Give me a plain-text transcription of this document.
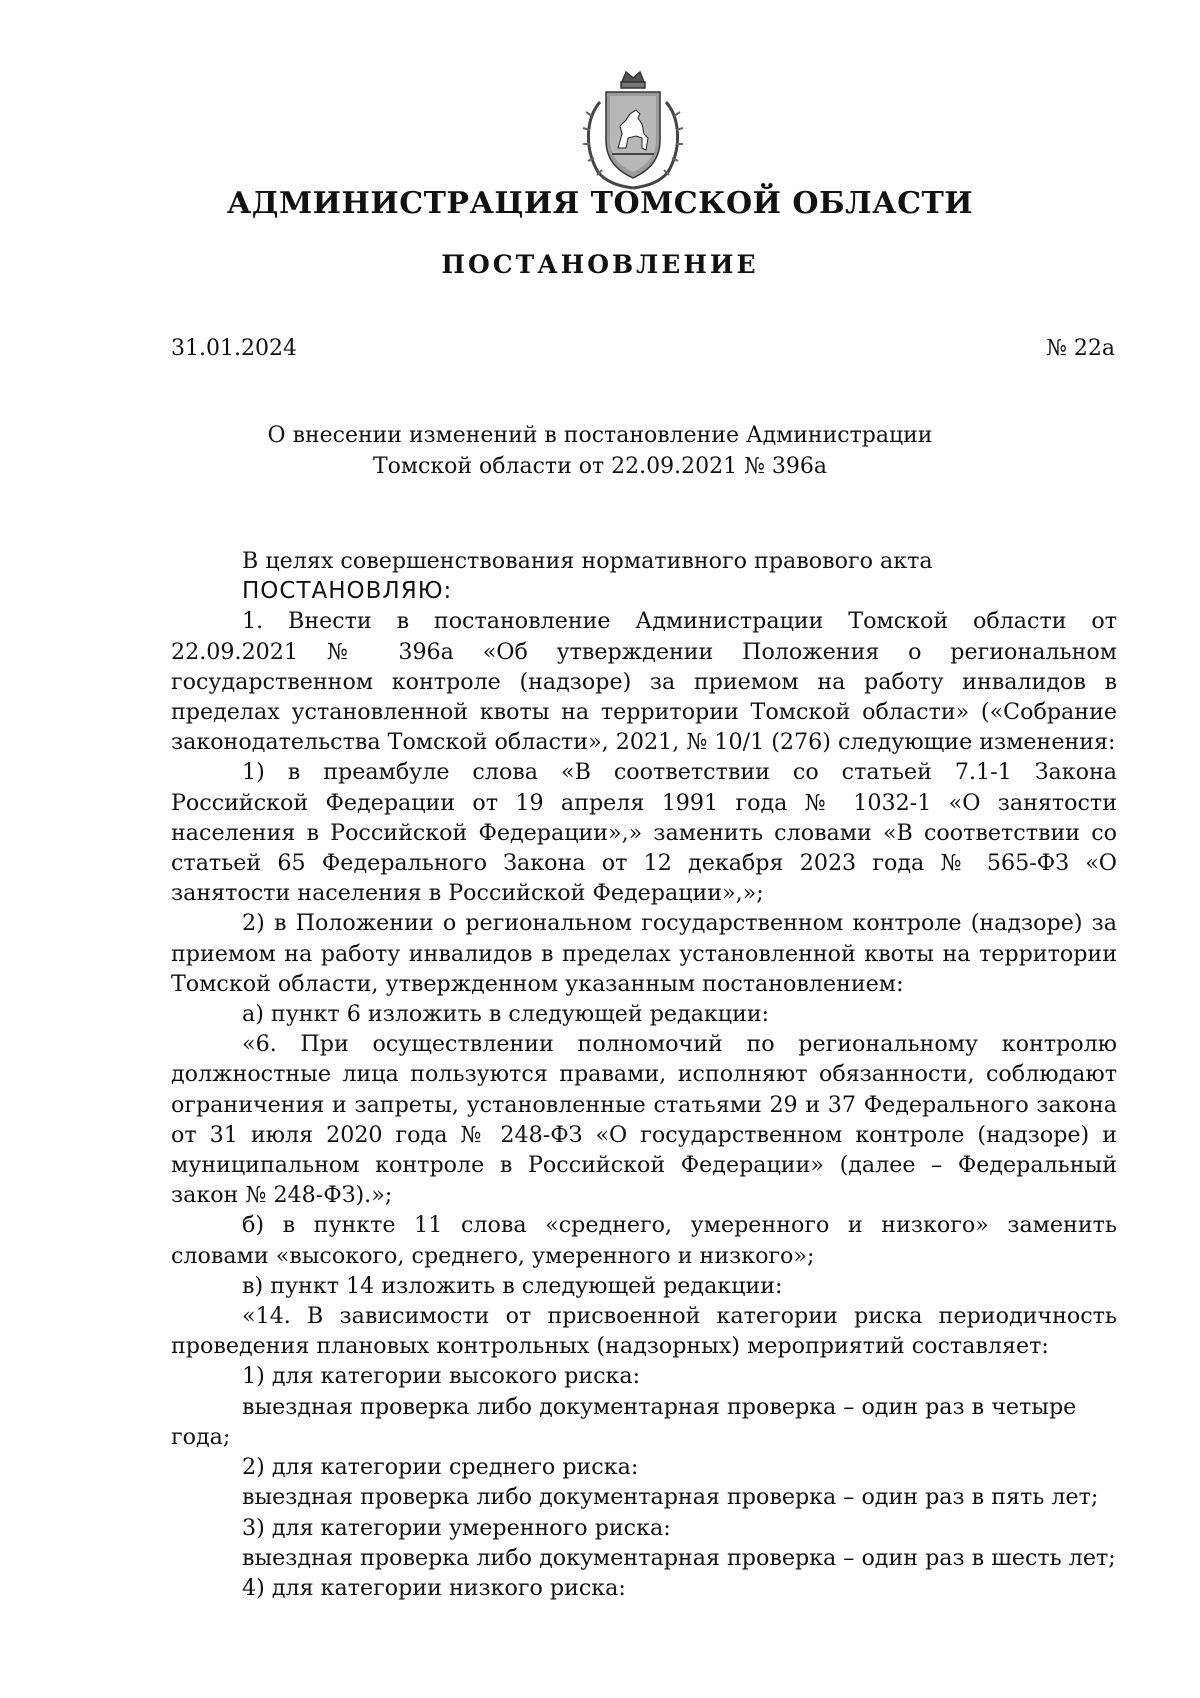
АДМИНИСТРАЦИЯ ТОМСКОЙ ОБЛАСТИ
ПОСТАНОВЛЕНИЕ
31.01.2024	№ 22а
О внесении изменений в постановление Администрации
Томской области от 22.09.2021 № 396а

В целях совершенствования нормативного правового акта

ПОСТАНОВЛЯЮ:

1. Внести в постановление Администрации Томской области от 22.09.2021 № 396а «Об утверждении Положения о региональном государственном контроле (надзоре) за приемом на работу инвалидов в пределах установленной квоты на территории Томской области» («Собрание законодательства Томской области», 2021, № 10/1 (276) следующие изменения:

1) в преамбуле слова «В соответствии со статьей 7.1-1 Закона Российской Федерации от 19 апреля 1991 года № 1032-1 «О занятости населения в Российской Федерации»,» заменить словами «В соответствии со статьей 65 Федерального Закона от 12 декабря 2023 года № 565-ФЗ «О занятости населения в Российской Федерации»,»;

2) в Положении о региональном государственном контроле (надзоре) за приемом на работу инвалидов в пределах установленной квоты на территории Томской области, утвержденном указанным постановлением:

а) пункт 6 изложить в следующей редакции:

«6. При осуществлении полномочий по региональному контролю должностные лица пользуются правами, исполняют обязанности, соблюдают ограничения и запреты, установленные статьями 29 и 37 Федерального закона от 31 июля 2020 года № 248-ФЗ «О государственном контроле (надзоре) и муниципальном контроле в Российской Федерации» (далее – Федеральный закон № 248-ФЗ).»;

б) в пункте 11 слова «среднего, умеренного и низкого» заменить словами «высокого, среднего, умеренного и низкого»;

в) пункт 14 изложить в следующей редакции:

«14. В зависимости от присвоенной категории риска периодичность проведения плановых контрольных (надзорных) мероприятий составляет:

1) для категории высокого риска:

выездная проверка либо документарная проверка – один раз в четыре года;

2) для категории среднего риска:

выездная проверка либо документарная проверка – один раз в пять лет;

3) для категории умеренного риска:

выездная проверка либо документарная проверка – один раз в шесть лет;

4) для категории низкого риска:
